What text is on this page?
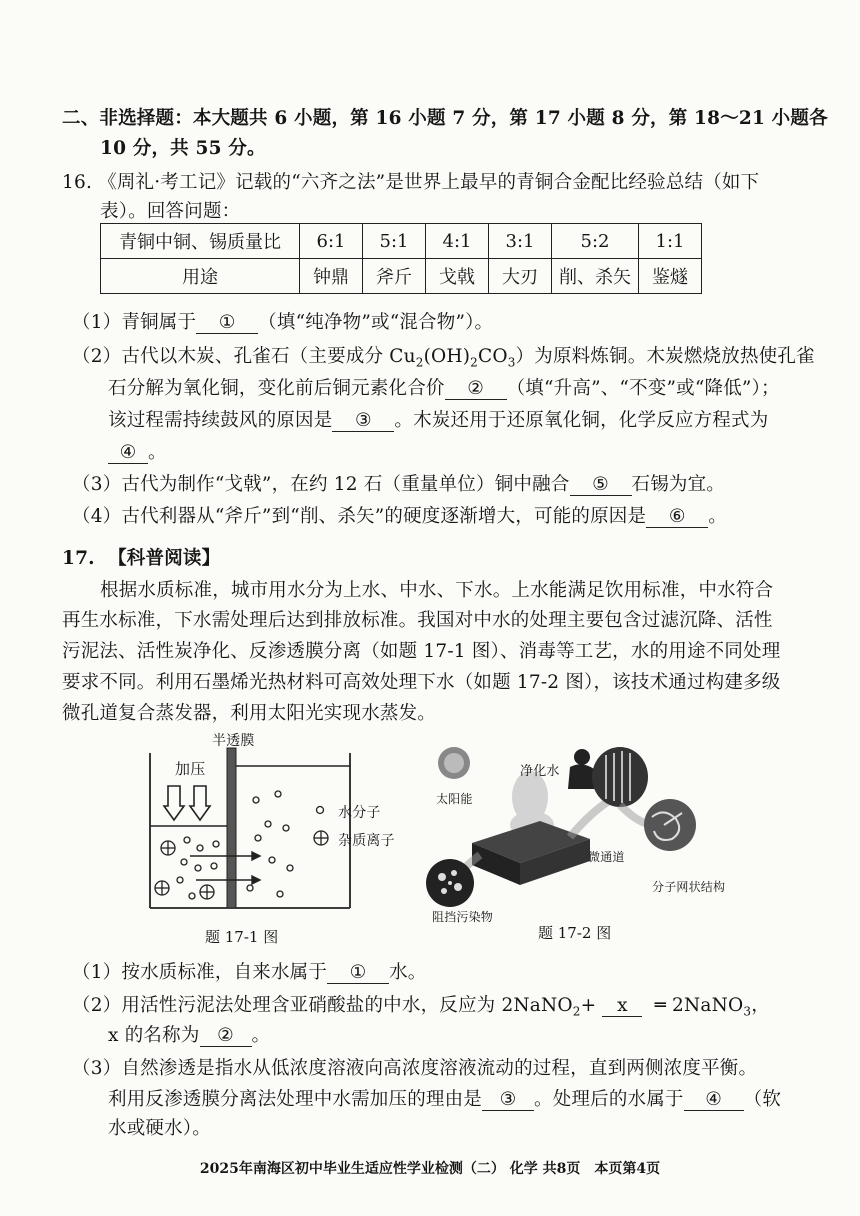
二、非选择题：本大题共 6 小题，第 16 小题 7 分，第 17 小题 8 分，第 18～21 小题各
10 分，共 55 分。
16. 《周礼·考工记》记载的“六齐之法”是世界上最早的青铜合金配比经验总结（如下
表）。回答问题：
青铜中铜、锡质量比	6:1	5:1	4:1	3:1	5:2	1:1
用途	钟鼎	斧斤	戈戟	大刃	削、杀矢	鉴燧
（1）青铜属于 ① （填“纯净物”或“混合物”）。
（2）古代以木炭、孔雀石（主要成分 $Cu_2(OH)_2CO_3$）为原料炼铜。木炭燃烧放热使孔雀
石分解为氧化铜，变化前后铜元素化合价 ② （填“升高”、“不变”或“降低”）；
该过程需持续鼓风的原因是 ③ 。木炭还用于还原氧化铜，化学反应方程式为
④ 。
（3）古代为制作“戈戟”，在约 12 石（重量单位）铜中融合 ⑤ 石锡为宜。
（4）古代利器从“斧斤”到“削、杀矢”的硬度逐渐增大，可能的原因是 ⑥ 。
17. 【科普阅读】
根据水质标准，城市用水分为上水、中水、下水。上水能满足饮用标准，中水符合
再生水标准，下水需处理后达到排放标准。我国对中水的处理主要包含过滤沉降、活性
污泥法、活性炭净化、反渗透膜分离（如题 17-1 图）、消毒等工艺，水的用途不同处理
要求不同。利用石墨烯光热材料可高效处理下水（如题 17-2 图），该技术通过构建多级
微孔道复合蒸发器，利用太阳光实现水蒸发。
半透膜
加压
水分子
杂质离子
题 17-1 图
太阳能
净化水
微通道
分子网状结构
阻挡污染物
题 17-2 图
（1）按水质标准，自来水属于 ① 水。
（2）用活性污泥法处理含亚硝酸盐的中水，反应为 2NaNO$_2$+ x ═ 2NaNO$_3$，
x 的名称为 ② 。
（3）自然渗透是指水从低浓度溶液向高浓度溶液流动的过程，直到两侧浓度平衡。
利用反渗透膜分离法处理中水需加压的理由是 ③ 。处理后的水属于 ④ （软
水或硬水）。
2025年南海区初中毕业生适应性学业检测（二） 化学 共8页　本页第4页
